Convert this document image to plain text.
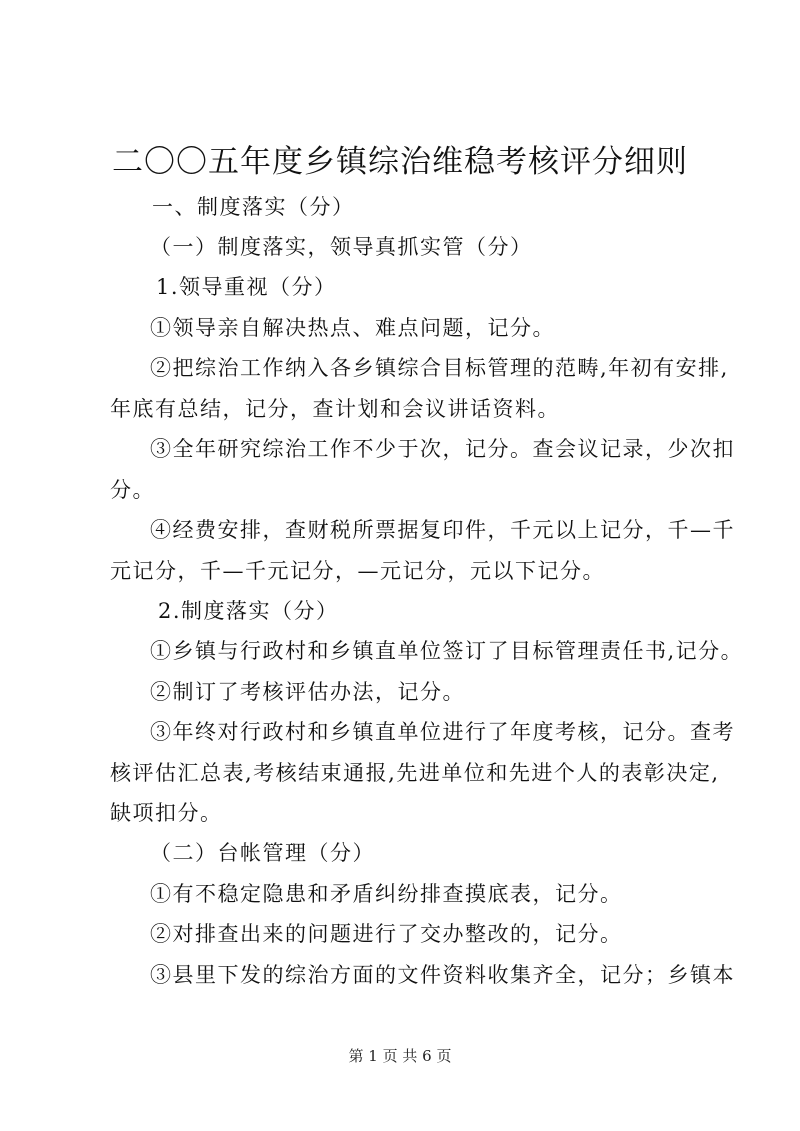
二〇〇五年度乡镇综治维稳考核评分细则

一、制度落实（分）

（一）制度落实，领导真抓实管（分）

1.领导重视（分）

①领导亲自解决热点、难点问题，记分。

②把综治工作纳入各乡镇综合目标管理的范畴,年初有安排,

年底有总结，记分，查计划和会议讲话资料。

③全年研究综治工作不少于次，记分。查会议记录，少次扣

分。

④经费安排，查财税所票据复印件，千元以上记分，千—千

元记分，千—千元记分，—元记分，元以下记分。

2.制度落实（分）

①乡镇与行政村和乡镇直单位签订了目标管理责任书,记分。

②制订了考核评估办法，记分。

③年终对行政村和乡镇直单位进行了年度考核，记分。查考

核评估汇总表,考核结束通报,先进单位和先进个人的表彰决定,

缺项扣分。

（二）台帐管理（分）

①有不稳定隐患和矛盾纠纷排查摸底表，记分。

②对排查出来的问题进行了交办整改的，记分。

③县里下发的综治方面的文件资料收集齐全，记分；乡镇本

第 1 页 共 6 页
